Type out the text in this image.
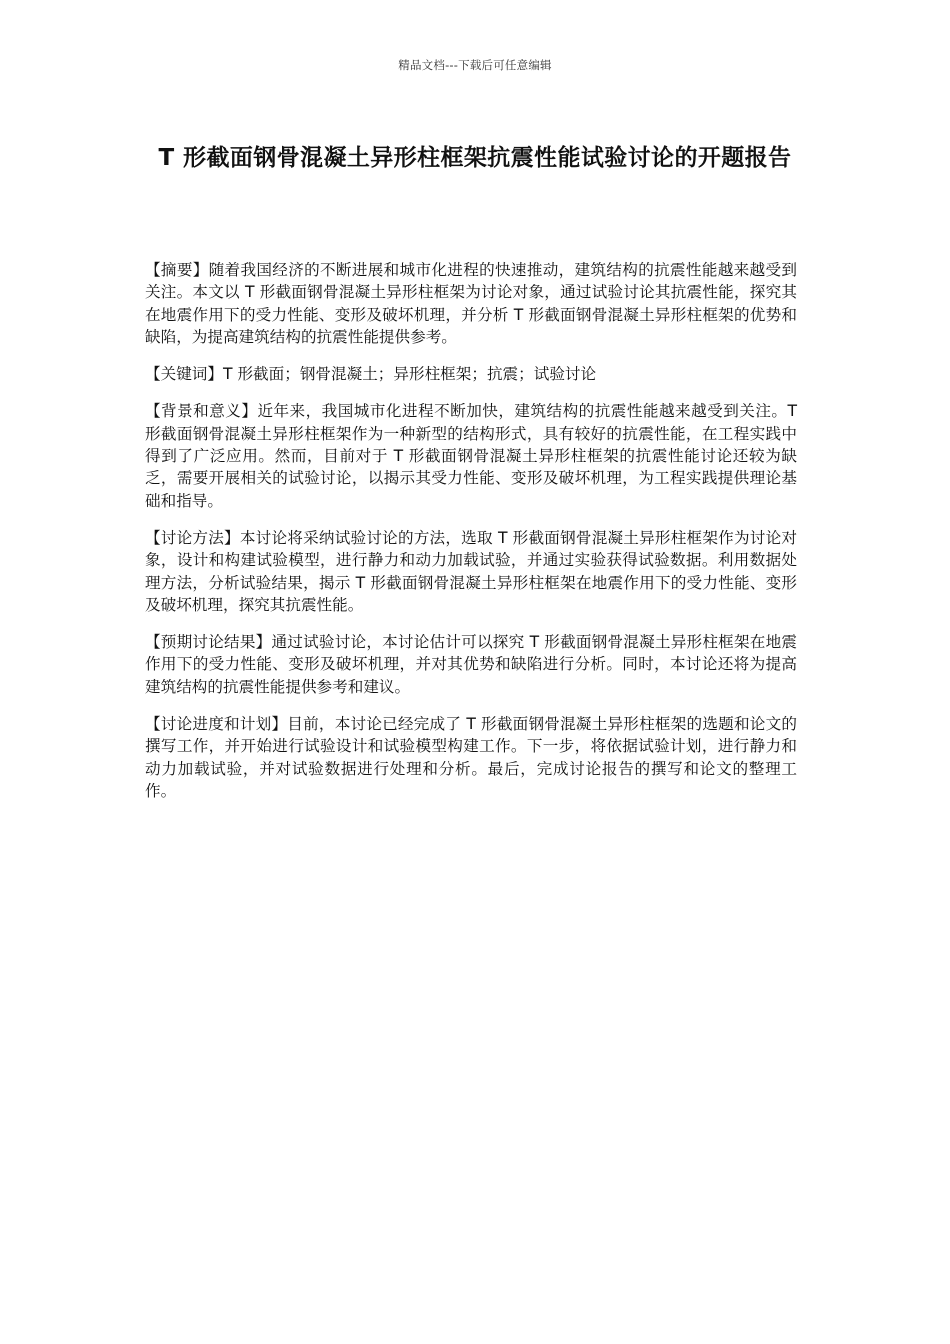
精品文档---下载后可任意编辑
T 形截面钢骨混凝土异形柱框架抗震性能试验讨论的开题报告

【摘要】随着我国经济的不断进展和城市化进程的快速推动，建筑结构的抗震性能越来越受到关注。本文以 T 形截面钢骨混凝土异形柱框架为讨论对象，通过试验讨论其抗震性能，探究其在地震作用下的受力性能、变形及破坏机理，并分析 T 形截面钢骨混凝土异形柱框架的优势和缺陷，为提高建筑结构的抗震性能提供参考。

【关键词】T 形截面；钢骨混凝土；异形柱框架；抗震；试验讨论

【背景和意义】近年来，我国城市化进程不断加快，建筑结构的抗震性能越来越受到关注。T 形截面钢骨混凝土异形柱框架作为一种新型的结构形式，具有较好的抗震性能，在工程实践中得到了广泛应用。然而，目前对于 T 形截面钢骨混凝土异形柱框架的抗震性能讨论还较为缺乏，需要开展相关的试验讨论，以揭示其受力性能、变形及破坏机理，为工程实践提供理论基础和指导。

【讨论方法】本讨论将采纳试验讨论的方法，选取 T 形截面钢骨混凝土异形柱框架作为讨论对象，设计和构建试验模型，进行静力和动力加载试验，并通过实验获得试验数据。利用数据处理方法，分析试验结果，揭示 T 形截面钢骨混凝土异形柱框架在地震作用下的受力性能、变形及破坏机理，探究其抗震性能。

【预期讨论结果】通过试验讨论，本讨论估计可以探究 T 形截面钢骨混凝土异形柱框架在地震作用下的受力性能、变形及破坏机理，并对其优势和缺陷进行分析。同时，本讨论还将为提高建筑结构的抗震性能提供参考和建议。

【讨论进度和计划】目前，本讨论已经完成了 T 形截面钢骨混凝土异形柱框架的选题和论文的撰写工作，并开始进行试验设计和试验模型构建工作。下一步，将依据试验计划，进行静力和动力加载试验，并对试验数据进行处理和分析。最后，完成讨论报告的撰写和论文的整理工作。
